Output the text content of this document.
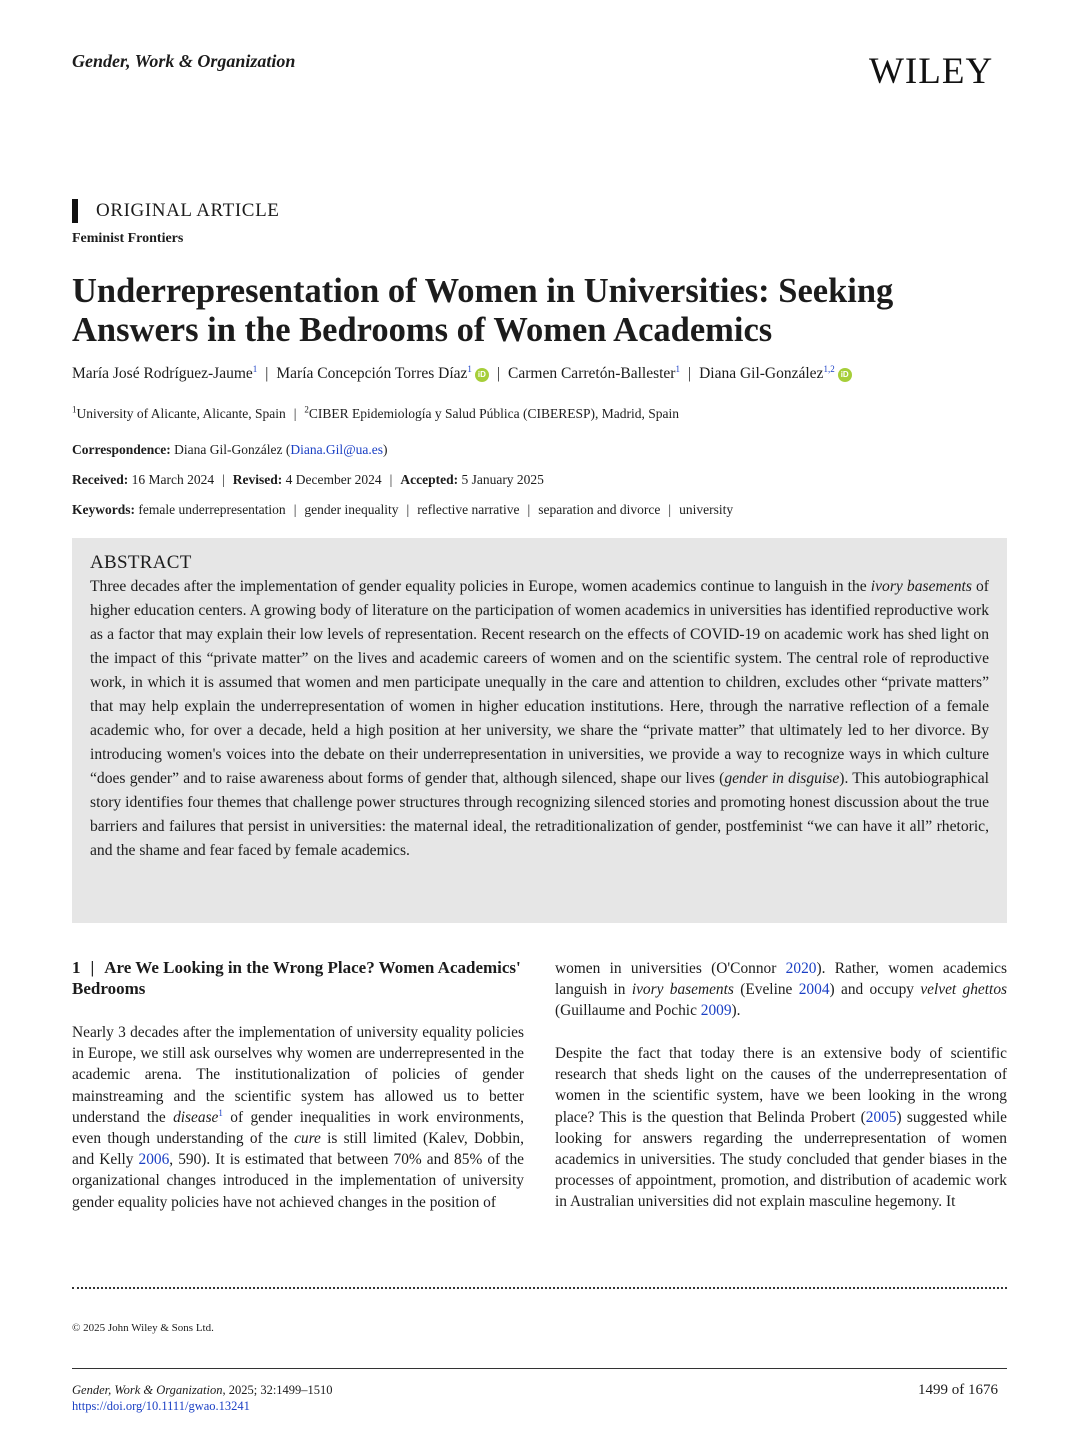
Gender, Work & Organization	WILEY
ORIGINAL ARTICLE
Feminist Frontiers
Underrepresentation of Women in Universities: Seeking Answers in the Bedrooms of Women Academics
María José Rodríguez-Jaume$^1$ | María Concepción Torres Díaz$^1$iD | Carmen Carretón-Ballester$^1$ | Diana Gil-González$^{1,2}$iD
$^1$University of Alicante, Alicante, Spain | $^2$CIBER Epidemiología y Salud Pública (CIBERESP), Madrid, Spain
Correspondence: Diana Gil-González (Diana.Gil@ua.es)
Received: 16 March 2024 | Revised: 4 December 2024 | Accepted: 5 January 2025
Keywords: female underrepresentation | gender inequality | reflective narrative | separation and divorce | university
ABSTRACT
Three decades after the implementation of gender equality policies in Europe, women academics continue to languish in the ivory basements of higher education centers. A growing body of literature on the participation of women academics in universities has identified reproductive work as a factor that may explain their low levels of representation. Recent research on the effects of COVID-19 on academic work has shed light on the impact of this “private matter” on the lives and academic careers of women and on the scientific system. The central role of reproductive work, in which it is assumed that women and men participate unequally in the care and attention to children, excludes other “private matters” that may help explain the underrepresentation of women in higher education institutions. Here, through the narrative reflection of a female academic who, for over a decade, held a high position at her university, we share the “private matter” that ultimately led to her divorce. By introducing women's voices into the debate on their underrepresentation in universities, we provide a way to recognize ways in which culture “does gender” and to raise awareness about forms of gender that, although silenced, shape our lives (gender in disguise). This autobiographical story identifies four themes that challenge power structures through recognizing silenced stories and promoting honest discussion about the true barriers and failures that persist in universities: the maternal ideal, the retraditionalization of gender, postfeminist “we can have it all” rhetoric, and the shame and fear faced by female academics.
1 | Are We Looking in the Wrong Place? Women Academics' Bedrooms

Nearly 3 decades after the implementation of university equality policies in Europe, we still ask ourselves why women are underrepresented in the academic arena. The institutionalization of policies of gender mainstreaming and the scientific system has allowed us to better understand the disease$^1$ of gender inequalities in work environments, even though understanding of the cure is still limited (Kalev, Dobbin, and Kelly 2006, 590). It is estimated that between 70% and 85% of the organizational changes introduced in the implementation of university gender equality policies have not achieved changes in the position of

women in universities (O'Connor 2020). Rather, women academics languish in ivory basements (Eveline 2004) and occupy velvet ghettos (Guillaume and Pochic 2009).

Despite the fact that today there is an extensive body of scientific research that sheds light on the causes of the underrepresentation of women in the scientific system, have we been looking in the wrong place? This is the question that Belinda Probert (2005) suggested while looking for answers regarding the underrepresentation of women academics in universities. The study concluded that gender biases in the processes of appointment, promotion, and distribution of academic work in Australian universities did not explain masculine hegemony. It

© 2025 John Wiley & Sons Ltd.
Gender, Work & Organization, 2025; 32:1499–1510
https://doi.org/10.1111/gwao.13241
1499 of 1676
